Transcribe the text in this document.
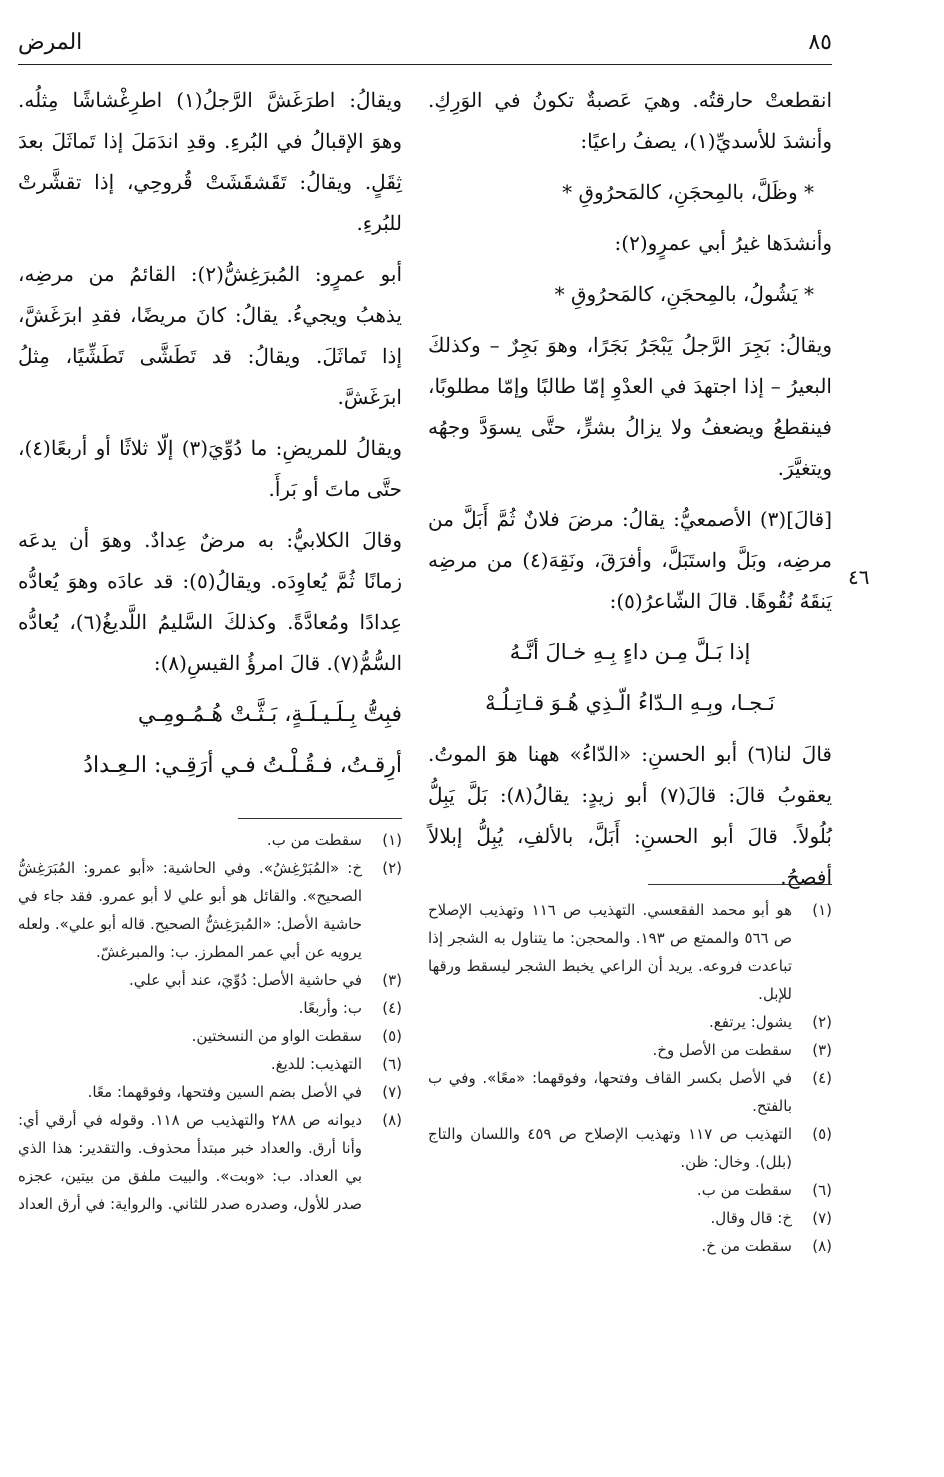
٨٥
المرض
٤٦

انقطعتْ حارقتُه. وهيَ عَصبةٌ تكونُ في الوَرِكِ. وأنشدَ للأسديِّ(١)، يصفُ راعيًا:

* وظَلَّ، بالمِحجَنِ، كالمَحرُوقِ *

وأنشدَها غيرُ أبي عمرٍو(٢):

* يَشُولُ، بالمِحجَنِ، كالمَحرُوقِ *

ويقالُ: بَجِرَ الرَّجلُ يَبْجَرُ بَجَرًا، وهوَ بَجِرٌ – وكذلكَ البعيرُ – إذا اجتهدَ في العدْوِ إمّا طالبًا وإمّا مطلوبًا، فينقطعُ ويضعفُ ولا يزالُ بشرٍّ، حتَّى يسوَدَّ وجهُه ويتغيَّرَ.

[قالَ](٣) الأصمعيُّ: يقالُ: مرضَ فلانٌ ثُمَّ أَبَلَّ من مرضِه، وبَلَّ واستَبَلَّ، وأفرَقَ، ونَقِهَ(٤) من مرضِه يَنقَهُ نُقُوهًا. قالَ الشّاعرُ(٥):

إذا بَـلَّ مِـن داءٍ بِـهِ خـالَ أنَّـهُ

نَـجـا، وبِـهِ الـدّاءُ الّـذِي هُـوَ قـاتِـلُـهْ

قالَ لنا(٦) أبو الحسنِ: «الدّاءُ» ههنا هوَ الموتُ. يعقوبُ قالَ: قالَ(٧) أبو زيدٍ: يقالُ(٨): بَلَّ يَبِلُّ بُلُولاً. قالَ أبو الحسنِ: أَبَلَّ، بالألفِ، يُبِلُّ إبلالاً أفصحُ.

ويقالُ: اطرَغَشَّ الرَّجلُ(١) اطرِغْشاشًا مِثلُه. وهوَ الإقبالُ في البُرءِ. وقدِ اندَمَلَ إذا تَماثَلَ بعدَ ثِقَلٍ. ويقالُ: تَقَشقَشَتْ قُروحِي، إذا تقشَّرتْ للبُرءِ.

أبو عمرٍو: المُبرَغِشُّ(٢): القائمُ من مرضِه، يذهبُ ويجيءُ. يقالُ: كانَ مريضًا، فقدِ ابرَغَشَّ، إذا تَماثَلَ. ويقالُ: قد تَطَشَّى تَطَشِّيًا، مِثلُ ابرَغَشَّ.

ويقالُ للمريضِ: ما دُوِّيَ(٣) إلّا ثلاثًا أو أربعًا(٤)، حتَّى ماتَ أو بَرأَ.

وقالَ الكلابيُّ: به مرضٌ عِدادٌ. وهوَ أن يدعَه زمانًا ثُمَّ يُعاوِدَه. ويقالُ(٥): قد عادَه وهوَ يُعادُّه عِدادًا ومُعادَّةً. وكذلكَ السَّليمُ اللَّديغُ(٦)، يُعادُّه السُّمُّ(٧). قالَ امرؤُ القيسِ(٨):

فبِتُّ بِـلَـيـلَـةٍ، بَـثَّـتْ هُـمُـومِـي

أرِقـتُ، فـقُـلْـتُ فـي أرَقِـي: الـعِـدادُ

(١)
هو أبو محمد الفقعسي. التهذيب ص ١١٦ وتهذيب الإصلاح ص ٥٦٦ والممتع ص ١٩٣. والمحجن: ما يتناول به الشجر إذا تباعدت فروعه. يريد أن الراعي يخبط الشجر ليسقط ورقها للإبل.
(٢)
يشول: يرتفع.
(٣)
سقطت من الأصل وخ.
(٤)
في الأصل بكسر القاف وفتحها، وفوقهما: «معًا». وفي ب بالفتح.
(٥)
التهذيب ص ١١٧ وتهذيب الإصلاح ص ٤٥٩ واللسان والتاج (بلل). وخال: ظن.
(٦)
سقطت من ب.
(٧)
خ: قال وقال.
(٨)
سقطت من خ.
(١)
سقطت من ب.
(٢)
خ: «المُبَرْغِشُ». وفي الحاشية: «أبو عمرو: المُبَرَغِشُّ الصحيح». والقائل هو أبو علي لا أبو عمرو. فقد جاء في حاشية الأصل: «المُبرَغِشُّ الصحيح. قاله أبو علي». ولعله يرويه عن أبي عمر المطرز. ب: والمبرغشّ.
(٣)
في حاشية الأصل: دُوِّيَ، عند أبي علي.
(٤)
ب: وأربعًا.
(٥)
سقطت الواو من النسختين.
(٦)
التهذيب: للديغ.
(٧)
في الأصل بضم السين وفتحها، وفوقهما: معًا.
(٨)
ديوانه ص ٢٨٨ والتهذيب ص ١١٨. وقوله في أرقي أي: وأنا أرق. والعداد خبر مبتدأ محذوف. والتقدير: هذا الذي بي العداد. ب: «وبت». والبيت ملفق من بيتين، عجزه صدر للأول، وصدره صدر للثاني. والرواية: في أرق العداد
